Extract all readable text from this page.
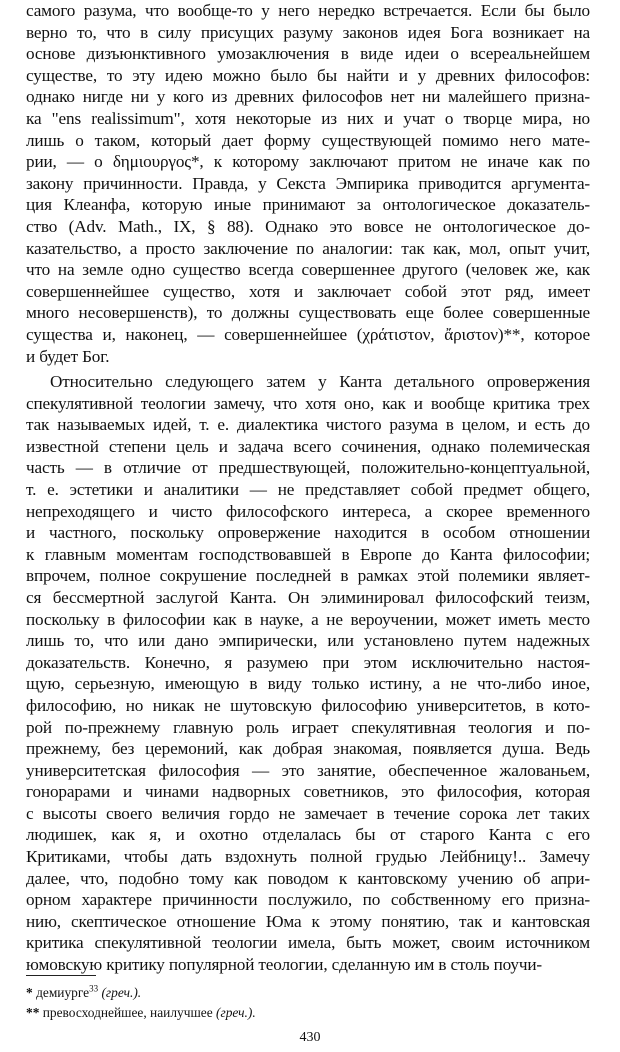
самого разума, что вообще-то у него нередко встречается. Если бы было
верно то, что в силу присущих разуму законов идея Бога возникает на
основе дизъюнктивного умозаключения в виде идеи о всереальнейшем
существе, то эту идею можно было бы найти и у древних философов:
однако нигде ни у кого из древних философов нет ни малейшего призна-
ка "ens realissimum", хотя некоторые из них и учат о творце мира, но
лишь о таком, который дает форму существующей помимо него мате-
рии, — о δημιουργος*, к которому заключают притом не иначе как по
закону причинности. Правда, у Секста Эмпирика приводится аргумента-
ция Клеанфа, которую иные принимают за онтологическое доказатель-
ство (Adv. Math., IX, § 88). Однако это вовсе не онтологическое до-
казательство, а просто заключение по аналогии: так как, мол, опыт учит,
что на земле одно существо всегда совершеннее другого (человек же, как
совершеннейшее существо, хотя и заключает собой этот ряд, имеет
много несовершенств), то должны существовать еще более совершенные
существа и, наконец, — совершеннейшее (χράτιστον, ἄριστον)**, которое
и будет Бог.
Относительно следующего затем у Канта детального опровержения
спекулятивной теологии замечу, что хотя оно, как и вообще критика трех
так называемых идей, т. е. диалектика чистого разума в целом, и есть до
известной степени цель и задача всего сочинения, однако полемическая
часть — в отличие от предшествующей, положительно-концептуальной,
т. е. эстетики и аналитики — не представляет собой предмет общего,
непреходящего и чисто философского интереса, а скорее временного
и частного, поскольку опровержение находится в особом отношении
к главным моментам господствовавшей в Европе до Канта философии;
впрочем, полное сокрушение последней в рамках этой полемики являет-
ся бессмертной заслугой Канта. Он элиминировал философский теизм,
поскольку в философии как в науке, а не вероучении, может иметь место
лишь то, что или дано эмпирически, или установлено путем надежных
доказательств. Конечно, я разумею при этом исключительно настоя-
щую, серьезную, имеющую в виду только истину, а не что-либо иное,
философию, но никак не шутовскую философию университетов, в кото-
рой по-прежнему главную роль играет спекулятивная теология и по-
прежнему, без церемоний, как добрая знакомая, появляется душа. Ведь
университетская философия — это занятие, обеспеченное жалованьем,
гонорарами и чинами надворных советников, это философия, которая
с высоты своего величия гордо не замечает в течение сорока лет таких
людишек, как я, и охотно отделалась бы от старого Канта с его
Критиками, чтобы дать вздохнуть полной грудью Лейбницу!.. Замечу
далее, что, подобно тому как поводом к кантовскому учению об апри-
орном характере причинности послужило, по собственному его призна-
нию, скептическое отношение Юма к этому понятию, так и кантовская
критика спекулятивной теологии имела, быть может, своим источником
юмовскую критику популярной теологии, сделанную им в столь поучи-
* демиурге$^{33}$ (греч.).
** превосходнейшее, наилучшее (греч.).
430
